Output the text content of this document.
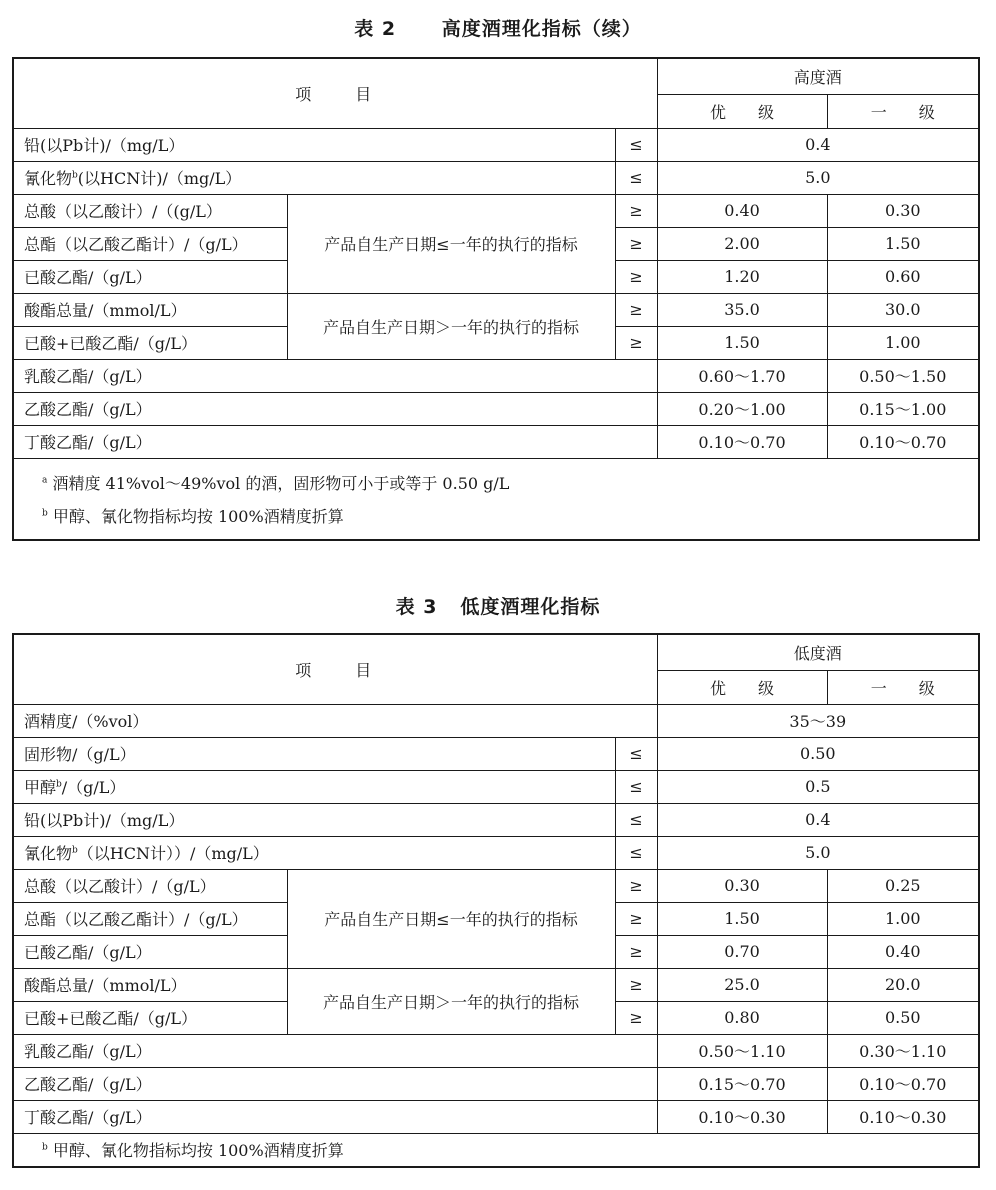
表 2 高度酒理化指标（续）
项　　目			高度酒	
			优　　级	一　　级
铅(以Pb计)/（mg/L）		≤	0.4	
氰化物$^b$(以HCN计)/（mg/L）		≤	5.0	
总酸（以乙酸计）/（(g/L）	产品自生产日期≤一年的执行的指标	≥	0.40	0.30
总酯（以乙酸乙酯计）/（g/L）		≥	2.00	1.50
已酸乙酯/（g/L）		≥	1.20	0.60
酸酯总量/（mmol/L）	产品自生产日期＞一年的执行的指标	≥	35.0	30.0
已酸+已酸乙酯/（g/L）		≥	1.50	1.00
乳酸乙酯/（g/L）			0.60～1.70	0.50～1.50
乙酸乙酯/（g/L）			0.20～1.00	0.15～1.00
丁酸乙酯/（g/L）			0.10～0.70	0.10～0.70

$^a$ 酒精度 41%vol～49%vol 的酒，固形物可小于或等于 0.50 g/L
$^b$ 甲醇、氰化物指标均按 100%酒精度折算				
表 3 低度酒理化指标
项　　目			低度酒	
			优　　级	一　　级
酒精度/（%vol）			35～39	
固形物/（g/L）		≤	0.50	
甲醇$^b$/（g/L）		≤	0.5	
铅(以Pb计)/（mg/L）		≤	0.4	
氰化物$^b$（以HCN计））/（mg/L）		≤	5.0	
总酸（以乙酸计）/（g/L）	产品自生产日期≤一年的执行的指标	≥	0.30	0.25
总酯（以乙酸乙酯计）/（g/L）		≥	1.50	1.00
已酸乙酯/（g/L）		≥	0.70	0.40
酸酯总量/（mmol/L）	产品自生产日期＞一年的执行的指标	≥	25.0	20.0
已酸+已酸乙酯/（g/L）		≥	0.80	0.50
乳酸乙酯/（g/L）			0.50～1.10	0.30～1.10
乙酸乙酯/（g/L）			0.15～0.70	0.10～0.70
丁酸乙酯/（g/L）			0.10～0.30	0.10～0.30

$^b$ 甲醇、氰化物指标均按 100%酒精度折算				
